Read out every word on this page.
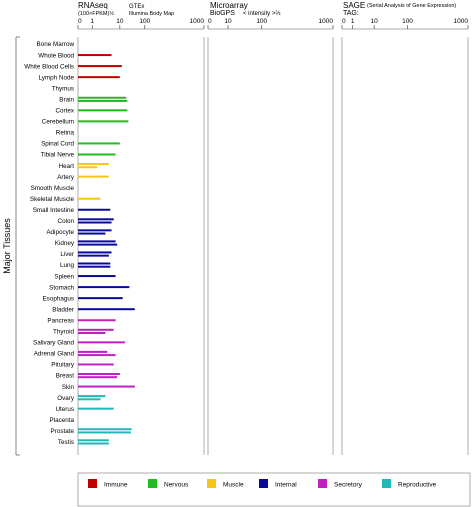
RNAseq
(100×FPKM)½
GTEx
Illumina Body Map
Microarray
BioGPS < intensity >⅔
SAGE (Serial Analysis of Gene Expression)
TAG:
0 1	10 100	1000 0 10	100	1000 0 1 10	100	1000
Major Tissues
Bone Marrow
Whole Blood
White Blood Cells
Lymph Node
Thymus
Brain
Cortex
Cerebellum
Retina
Spinal Cord
Tibial Nerve
Heart
Artery
Smooth Muscle
Skeletal Muscle
Small Intestine
Colon
Adipocyte
Kidney
Liver
Lung
Spleen
Stomach
Esophagus
Bladder
Pancreas
Thyroid
Salivary Gland
Adrenal Gland
Pituitary
Breast
Skin
Ovary
Uterus
Placenta
Prostate
Testis
Immune	Nervous	Muscle	Internal	Secretory	Reproductive
